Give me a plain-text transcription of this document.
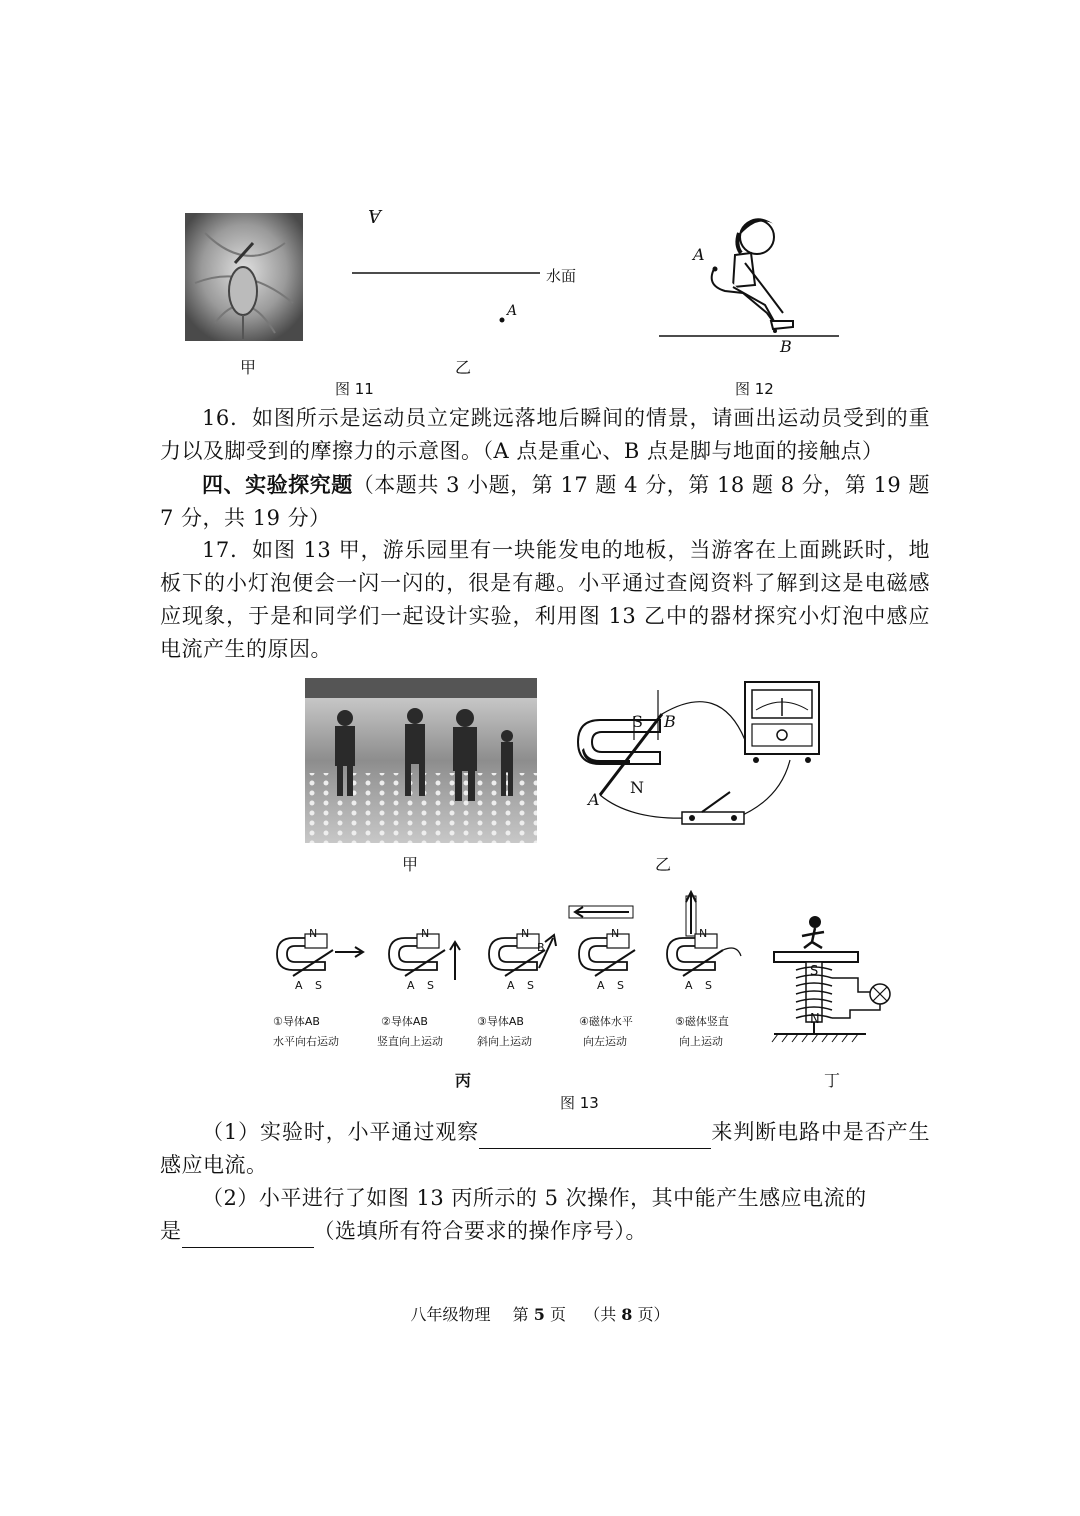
甲
A
水面
A
乙
图 11
A
B
图 12

16．如图所示是运动员立定跳远落地后瞬间的情景，请画出运动员受到的重力以及脚受到的摩擦力的示意图。（A 点是重心、B 点是脚与地面的接触点）

四、实验探究题（本题共 3 小题，第 17 题 4 分，第 18 题 8 分，第 19 题 7 分，共 19 分）

17．如图 13 甲，游乐园里有一块能发电的地板，当游客在上面跳跃时，地板下的小灯泡便会一闪一闪的，很是有趣。小平通过查阅资料了解到这是电磁感应现象，于是和同学们一起设计实验，利用图 13 乙中的器材探究小灯泡中感应电流产生的原因。

甲
S B
A
N
乙
N
A S
①导体AB
水平向右运动
N
A S
②导体AB
竖直向上运动
N
B
A S
③导体AB
斜向上运动
N
A S
④磁体水平
向左运动
N
A S
⑤磁体竖直
向上运动
S
N
丙	丁
图 13

（1）实验时，小平通过观察	来判断电路中是否产生感应电流。

（2）小平进行了如图 13 丙所示的 5 次操作，其中能产生感应电流的

是	（选填所有符合要求的操作序号）。

八年级物理 第 5 页 （共 8 页）
